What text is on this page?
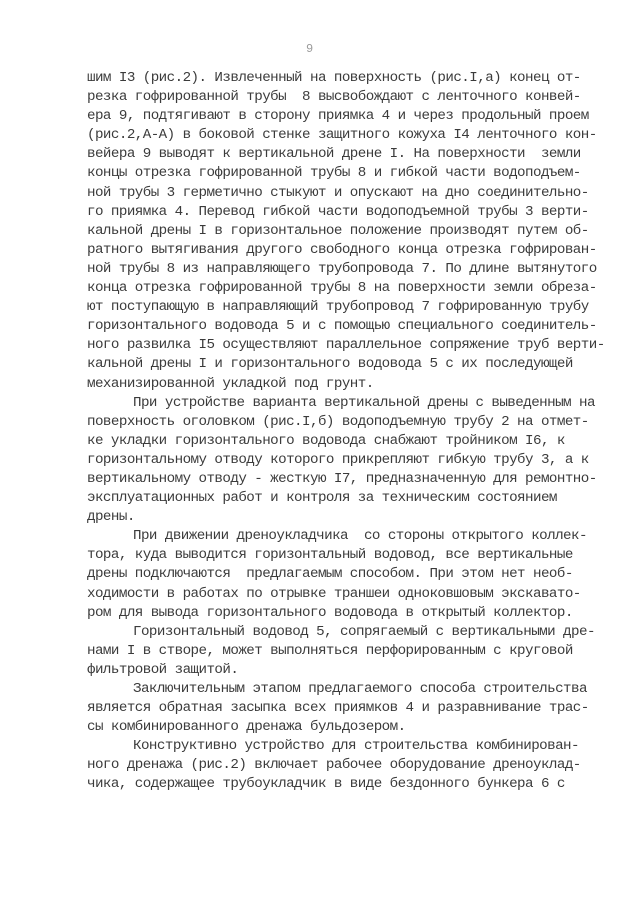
9
шим I3 (рис.2). Извлеченный на поверхность (рис.I,а) конец от-
резка гофрированной трубы  8 высвобождают с ленточного конвей-
ера 9, подтягивают в сторону приямка 4 и через продольный проем
(рис.2,А-А) в боковой стенке защитного кожуха I4 ленточного кон-
вейера 9 выводят к вертикальной дрене I. На поверхности  земли
концы отрезка гофрированной трубы 8 и гибкой части водоподъем-
ной трубы 3 герметично стыкуют и опускают на дно соединительно-
го приямка 4. Перевод гибкой части водоподъемной трубы 3 верти-
кальной дрены I в горизонтальное положение производят путем об-
ратного вытягивания другого свободного конца отрезка гофрирован-
ной трубы 8 из направляющего трубопровода 7. По длине вытянутого
конца отрезка гофрированной трубы 8 на поверхности земли обреза-
ют поступающую в направляющий трубопровод 7 гофрированную трубу
горизонтального водовода 5 и с помощью специального соединитель-
ного развилка I5 осуществляют параллельное сопряжение труб верти-
кальной дрены I и горизонтального водовода 5 с их последующей
механизированной укладкой под грунт.
При устройстве варианта вертикальной дрены с выведенным на
поверхность оголовком (рис.I,б) водоподъемную трубу 2 на отмет-
ке укладки горизонтального водовода снабжают тройником I6, к
горизонтальному отводу которого прикрепляют гибкую трубу 3, а к
вертикальному отводу - жесткую I7, предназначенную для ремонтно-
эксплуатационных работ и контроля за техническим состоянием
дрены.
При движении дреноукладчика  со стороны открытого коллек-
тора, куда выводится горизонтальный водовод, все вертикальные
дрены подключаются  предлагаемым способом. При этом нет необ-
ходимости в работах по отрывке траншеи одноковшовым экскавато-
ром для вывода горизонтального водовода в открытый коллектор.
Горизонтальный водовод 5, сопрягаемый с вертикальными дре-
нами I в створе, может выполняться перфорированным с круговой
фильтровой защитой.
Заключительным этапом предлагаемого способа строительства
является обратная засыпка всех приямков 4 и разравнивание трас-
сы комбинированного дренажа бульдозером.
Конструктивно устройство для строительства комбинирован-
ного дренажа (рис.2) включает рабочее оборудование дреноуклад-
чика, содержащее трубоукладчик в виде бездонного бункера 6 с
